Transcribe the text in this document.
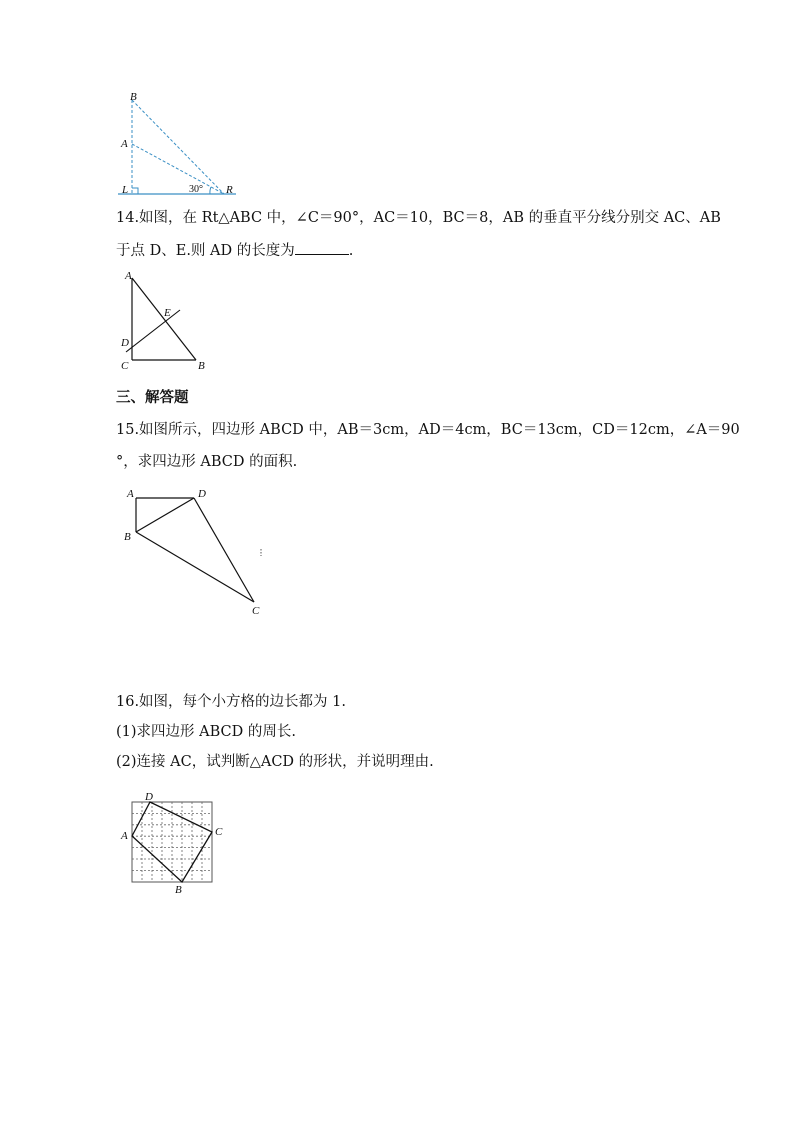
B
A
L	30° R
14.如图，在 Rt△ABC 中，∠C＝90°，AC＝10，BC＝8，AB 的垂直平分线分别交 AC、AB
于点 D、E.则 AD 的长度为	.
A
E
D
C	B
三、解答题
15.如图所示，四边形 ABCD 中，AB＝3cm，AD＝4cm，BC＝13cm，CD＝12cm，∠A＝90
°，求四边形 ABCD 的面积.
A	D
B
C
16.如图，每个小方格的边长都为 1.
(1)求四边形 ABCD 的周长.
(2)连接 AC，试判断△ACD 的形状，并说明理由.
D
A	C
B
